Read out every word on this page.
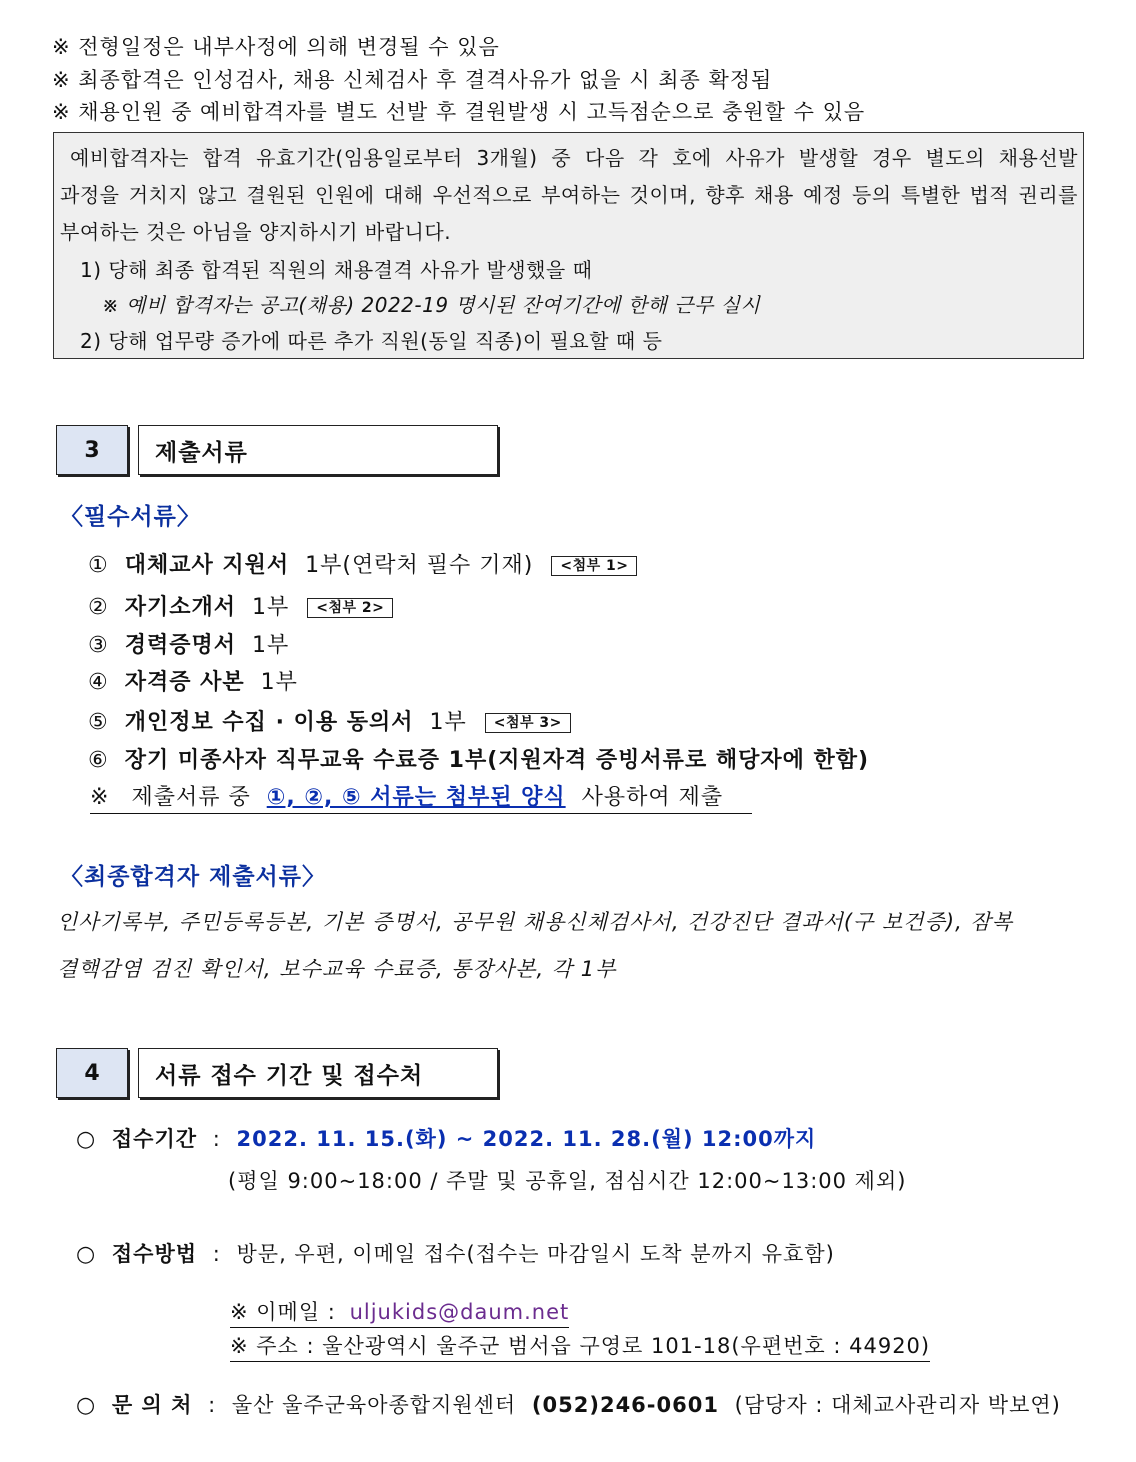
※ 전형일정은 내부사정에 의해 변경될 수 있음
※ 최종합격은 인성검사, 채용 신체검사 후 결격사유가 없을 시 최종 확정됨
※ 채용인원 중 예비합격자를 별도 선발 후 결원발생 시 고득점순으로 충원할 수 있음
예비합격자는 합격 유효기간(임용일로부터 3개월) 중 다음 각 호에 사유가 발생할 경우 별도의 채용선발
과정을 거치지 않고 결원된 인원에 대해 우선적으로 부여하는 것이며, 향후 채용 예정 등의 특별한 법적 권리를
부여하는 것은 아님을 양지하시기 바랍니다.
1) 당해 최종 합격된 직원의 채용결격 사유가 발생했을 때
※ 예비 합격자는 공고(채용) 2022-19 명시된 잔여기간에 한해 근무 실시
2) 당해 업무량 증가에 따른 추가 직원(동일 직종)이 필요할 때 등
3	제출서류
〈필수서류〉
① 대체교사 지원서 1부(연락처 필수 기재) <첨부 1>
② 자기소개서 1부 <첨부 2>
③ 경력증명서 1부
④ 자격증 사본 1부
⑤ 개인정보 수집 · 이용 동의서 1부 <첨부 3>
⑥ 장기 미종사자 직무교육 수료증 1부(지원자격 증빙서류로 해당자에 한함)
※ 제출서류 중 ①, ②, ⑤ 서류는 첨부된 양식 사용하여 제출
〈최종합격자 제출서류〉
인사기록부, 주민등록등본, 기본 증명서, 공무원 채용신체검사서, 건강진단 결과서(구 보건증), 잠복
결핵감염 검진 확인서, 보수교육 수료증, 통장사본, 각 1부
4	서류 접수 기간 및 접수처
○ 접수기간 : 2022. 11. 15.(화) ~ 2022. 11. 28.(월) 12:00까지
(평일 9:00~18:00 / 주말 및 공휴일, 점심시간 12:00~13:00 제외)
○ 접수방법 : 방문, 우편, 이메일 접수(접수는 마감일시 도착 분까지 유효함)
※ 이메일 : uljukids@daum.net
※ 주소 : 울산광역시 울주군 범서읍 구영로 101-18(우편번호 : 44920)
○ 문 의 처 : 울산 울주군육아종합지원센터 (052)246-0601 (담당자 : 대체교사관리자 박보연)
